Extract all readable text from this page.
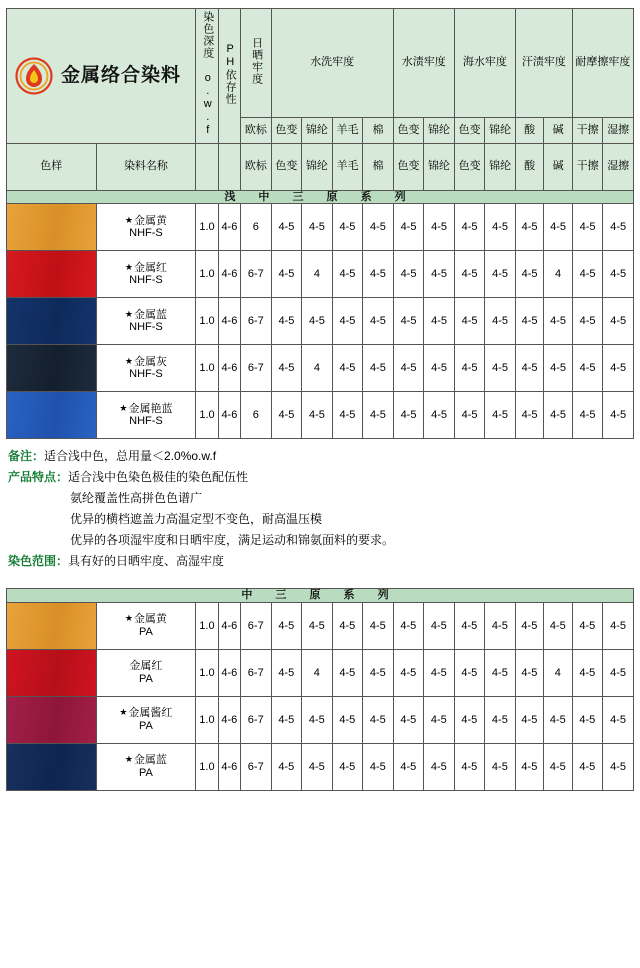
金属络合染料		染色深度 o.w.f	PH依存性	日晒牢度	水洗牢度				水渍牢度		海水牢度		汗渍牢度		耐摩擦牢度	
				欧标	色变	锦纶	羊毛	棉	色变	锦纶	色变	锦纶	酸	碱	干擦	湿擦
色样	染料名称			欧标	色变	锦纶	羊毛	棉	色变	锦纶	色变	锦纶	酸	碱	干擦	湿擦
浅 中 三 原 系 列																

	★金属黄
NHF-S	1.0	4-6	6	4-5	4-5	4-5	4-5	4-5	4-5	4-5	4-5	4-5	4-5	4-5	4-5

	★金属红
NHF-S	1.0	4-6	6-7	4-5	4	4-5	4-5	4-5	4-5	4-5	4-5	4-5	4	4-5	4-5

	★金属蓝
NHF-S	1.0	4-6	6-7	4-5	4-5	4-5	4-5	4-5	4-5	4-5	4-5	4-5	4-5	4-5	4-5

	★金属灰
NHF-S	1.0	4-6	6-7	4-5	4	4-5	4-5	4-5	4-5	4-5	4-5	4-5	4-5	4-5	4-5

	★金属艳蓝
NHF-S	1.0	4-6	6	4-5	4-5	4-5	4-5	4-5	4-5	4-5	4-5	4-5	4-5	4-5	4-5
备注：适合浅中色，总用量＜2.0%o.w.f
产品特点：适合浅中色染色极佳的染色配伍性
氨纶覆盖性高拼色色谱广
优异的横档遮盖力高温定型不变色，耐高温压模
优异的各项湿牢度和日晒牢度，满足运动和锦氨面料的要求。
染色范围：具有好的日晒牢度、高湿牢度
中 三 原 系 列																

	★金属黄
PA	1.0	4-6	6-7	4-5	4-5	4-5	4-5	4-5	4-5	4-5	4-5	4-5	4-5	4-5	4-5

	金属红
PA	1.0	4-6	6-7	4-5	4	4-5	4-5	4-5	4-5	4-5	4-5	4-5	4	4-5	4-5

	★金属酱红
PA	1.0	4-6	6-7	4-5	4-5	4-5	4-5	4-5	4-5	4-5	4-5	4-5	4-5	4-5	4-5

	★金属蓝
PA	1.0	4-6	6-7	4-5	4-5	4-5	4-5	4-5	4-5	4-5	4-5	4-5	4-5	4-5	4-5
